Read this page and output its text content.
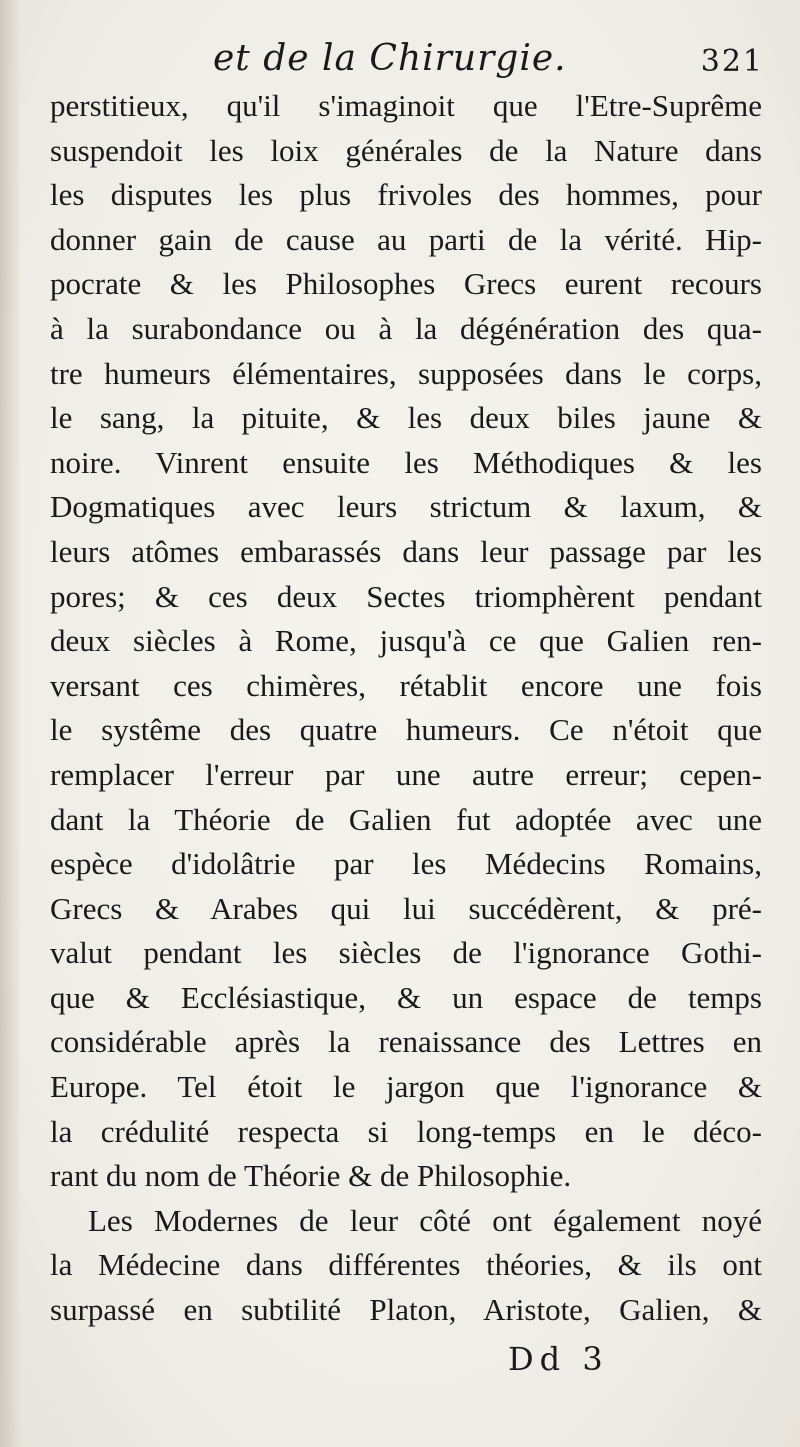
et de la Chirurgie.	321
perstitieux, qu'il s'imaginoit que l'Etre-Suprême
suspendoit les loix générales de la Nature dans
les disputes les plus frivoles des hommes, pour
donner gain de cause au parti de la vérité. Hip-
pocrate & les Philosophes Grecs eurent recours
à la surabondance ou à la dégénération des qua-
tre humeurs élémentaires, supposées dans le corps,
le sang, la pituite, & les deux biles jaune &
noire. Vinrent ensuite les Méthodiques & les
Dogmatiques avec leurs strictum & laxum, &
leurs atômes embarassés dans leur passage par les
pores; & ces deux Sectes triomphèrent pendant
deux siècles à Rome, jusqu'à ce que Galien ren-
versant ces chimères, rétablit encore une fois
le systême des quatre humeurs. Ce n'étoit que
remplacer l'erreur par une autre erreur; cepen-
dant la Théorie de Galien fut adoptée avec une
espèce d'idolâtrie par les Médecins Romains,
Grecs & Arabes qui lui succédèrent, & pré-
valut pendant les siècles de l'ignorance Gothi-
que & Ecclésiastique, & un espace de temps
considérable après la renaissance des Lettres en
Europe. Tel étoit le jargon que l'ignorance &
la crédulité respecta si long-temps en le déco-
rant du nom de Théorie & de Philosophie.
Les Modernes de leur côté ont également noyé
la Médecine dans différentes théories, & ils ont
surpassé en subtilité Platon, Aristote, Galien, &
Dd 3
